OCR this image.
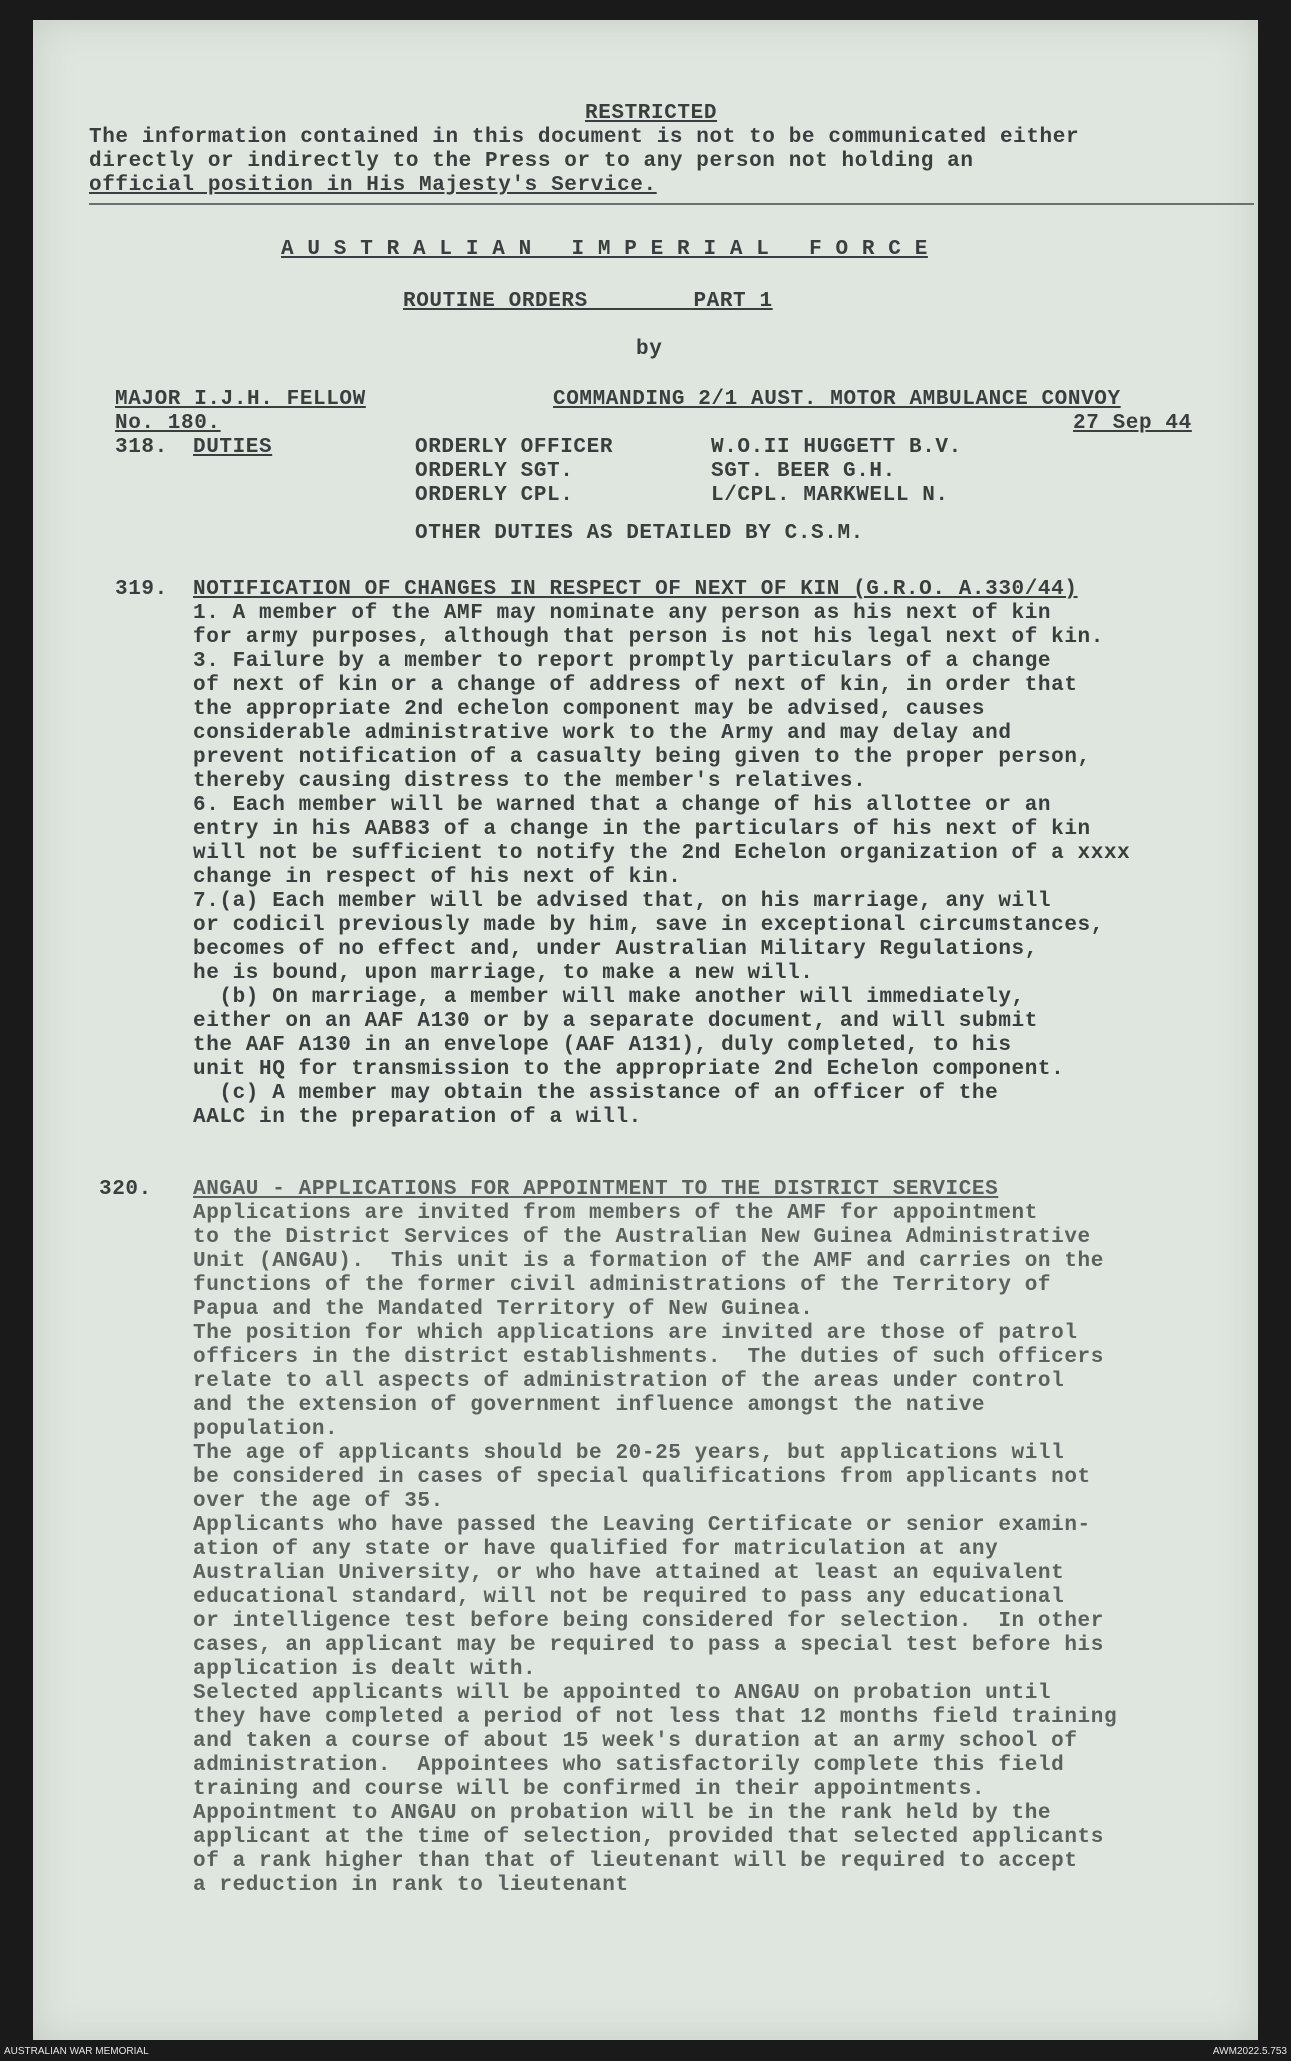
RESTRICTED
The information contained in this document is not to be communicated either
directly or indirectly to the Press or to any person not holding an
official position in His Majesty's Service.
A U S T R A L I A N   I M P E R I A L   F O R C E
ROUTINE ORDERS        PART 1
by
MAJOR I.J.H. FELLOW	COMMANDING 2/1 AUST. MOTOR AMBULANCE CONVOY
No. 180.	27 Sep 44
318. DUTIES	ORDERLY OFFICER	W.O.II HUGGETT B.V.
ORDERLY SGT.	SGT. BEER G.H.
ORDERLY CPL.	L/CPL. MARKWELL N.
OTHER DUTIES AS DETAILED BY C.S.M.
319. NOTIFICATION OF CHANGES IN RESPECT OF NEXT OF KIN (G.R.O. A.330/44)
1. A member of the AMF may nominate any person as his next of kin
for army purposes, although that person is not his legal next of kin.
3. Failure by a member to report promptly particulars of a change
of next of kin or a change of address of next of kin, in order that
the appropriate 2nd echelon component may be advised, causes
considerable administrative work to the Army and may delay and
prevent notification of a casualty being given to the proper person,
thereby causing distress to the member's relatives.
6. Each member will be warned that a change of his allottee or an
entry in his AAB83 of a change in the particulars of his next of kin
will not be sufficient to notify the 2nd Echelon organization of a xxxx
change in respect of his next of kin.
7.(a) Each member will be advised that, on his marriage, any will
or codicil previously made by him, save in exceptional circumstances,
becomes of no effect and, under Australian Military Regulations,
he is bound, upon marriage, to make a new will.
(b) On marriage, a member will make another will immediately,
either on an AAF A130 or by a separate document, and will submit
the AAF A130 in an envelope (AAF A131), duly completed, to his
unit HQ for transmission to the appropriate 2nd Echelon component.
(c) A member may obtain the assistance of an officer of the
AALC in the preparation of a will.
320. ANGAU - APPLICATIONS FOR APPOINTMENT TO THE DISTRICT SERVICES
Applications are invited from members of the AMF for appointment
to the District Services of the Australian New Guinea Administrative
Unit (ANGAU).  This unit is a formation of the AMF and carries on the
functions of the former civil administrations of the Territory of
Papua and the Mandated Territory of New Guinea.
The position for which applications are invited are those of patrol
officers in the district establishments.  The duties of such officers
relate to all aspects of administration of the areas under control
and the extension of government influence amongst the native
population.
The age of applicants should be 20-25 years, but applications will
be considered in cases of special qualifications from applicants not
over the age of 35.
Applicants who have passed the Leaving Certificate or senior examin-
ation of any state or have qualified for matriculation at any
Australian University, or who have attained at least an equivalent
educational standard, will not be required to pass any educational
or intelligence test before being considered for selection.  In other
cases, an applicant may be required to pass a special test before his
application is dealt with.
Selected applicants will be appointed to ANGAU on probation until
they have completed a period of not less that 12 months field training
and taken a course of about 15 week's duration at an army school of
administration.  Appointees who satisfactorily complete this field
training and course will be confirmed in their appointments.
Appointment to ANGAU on probation will be in the rank held by the
applicant at the time of selection, provided that selected applicants
of a rank higher than that of lieutenant will be required to accept
a reduction in rank to lieutenant
AUSTRALIAN WAR MEMORIAL	AWM2022.5.753
